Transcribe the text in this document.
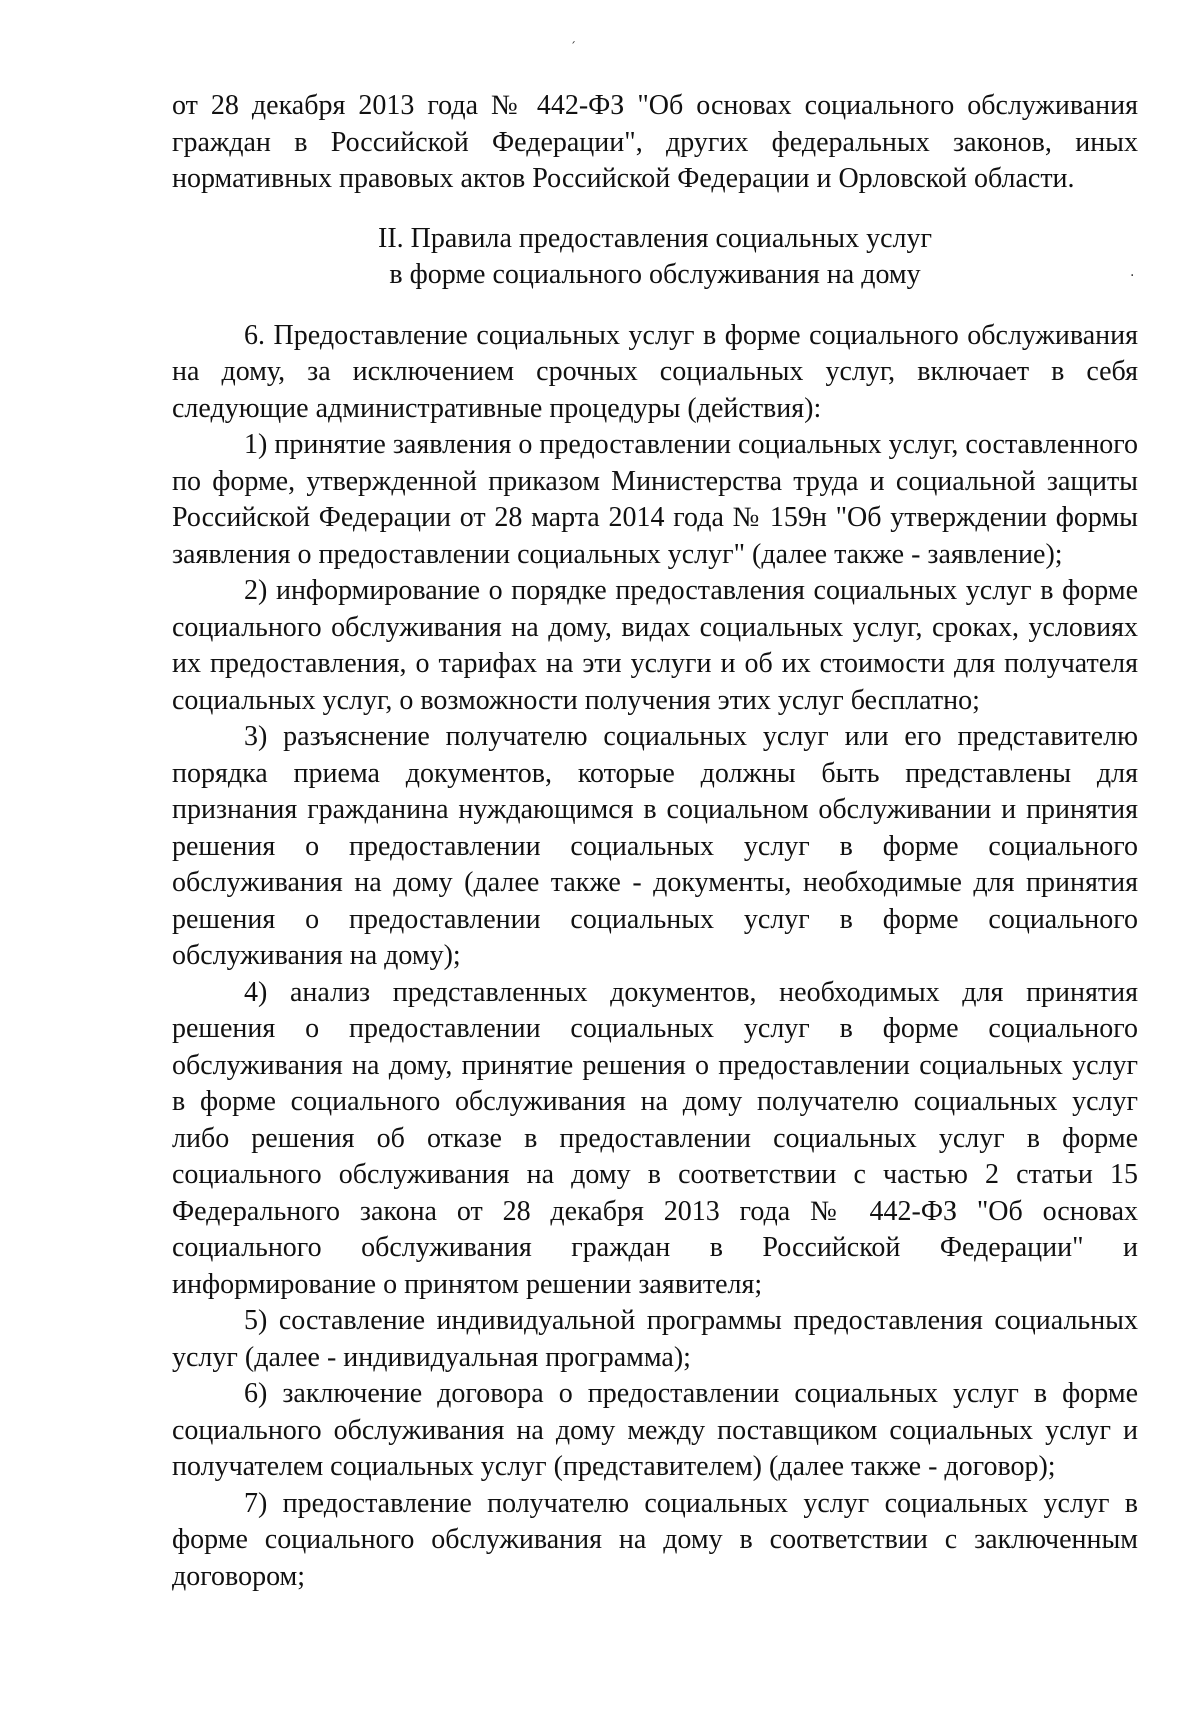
ˊ
·

от 28 декабря 2013 года № 442-ФЗ "Об основах социального обслуживания граждан в Российской Федерации", других федеральных законов, иных нормативных правовых актов Российской Федерации и Орловской области.

II. Правила предоставления социальных услуг

в форме социального обслуживания на дому

6. Предоставление социальных услуг в форме социального обслуживания на дому, за исключением срочных социальных услуг, включает в себя следующие административные процедуры (действия):

1) принятие заявления о предоставлении социальных услуг, составленного по форме, утвержденной приказом Министерства труда и социальной защиты Российской Федерации от 28 марта 2014 года № 159н "Об утверждении формы заявления о предоставлении социальных услуг" (далее также - заявление);

2) информирование о порядке предоставления социальных услуг в форме социального обслуживания на дому, видах социальных услуг, сроках, условиях их предоставления, о тарифах на эти услуги и об их стоимости для получателя социальных услуг, о возможности получения этих услуг бесплатно;

3) разъяснение получателю социальных услуг или его представителю порядка приема документов, которые должны быть представлены для признания гражданина нуждающимся в социальном обслуживании и принятия решения о предоставлении социальных услуг в форме социального обслуживания на дому (далее также - документы, необходимые для принятия решения о предоставлении социальных услуг в форме социального обслуживания на дому);

4) анализ представленных документов, необходимых для принятия решения о предоставлении социальных услуг в форме социального обслуживания на дому, принятие решения о предоставлении социальных услуг в форме социального обслуживания на дому получателю социальных услуг либо решения об отказе в предоставлении социальных услуг в форме социального обслуживания на дому в соответствии с частью 2 статьи 15 Федерального закона от 28 декабря 2013 года № 442-ФЗ "Об основах социального обслуживания граждан в Российской Федерации" и информирование о принятом решении заявителя;

5) составление индивидуальной программы предоставления социальных услуг (далее - индивидуальная программа);

6) заключение договора о предоставлении социальных услуг в форме социального обслуживания на дому между поставщиком социальных услуг и получателем социальных услуг (представителем) (далее также - договор);

7) предоставление получателю социальных услуг социальных услуг в форме социального обслуживания на дому в соответствии с заключенным договором;
